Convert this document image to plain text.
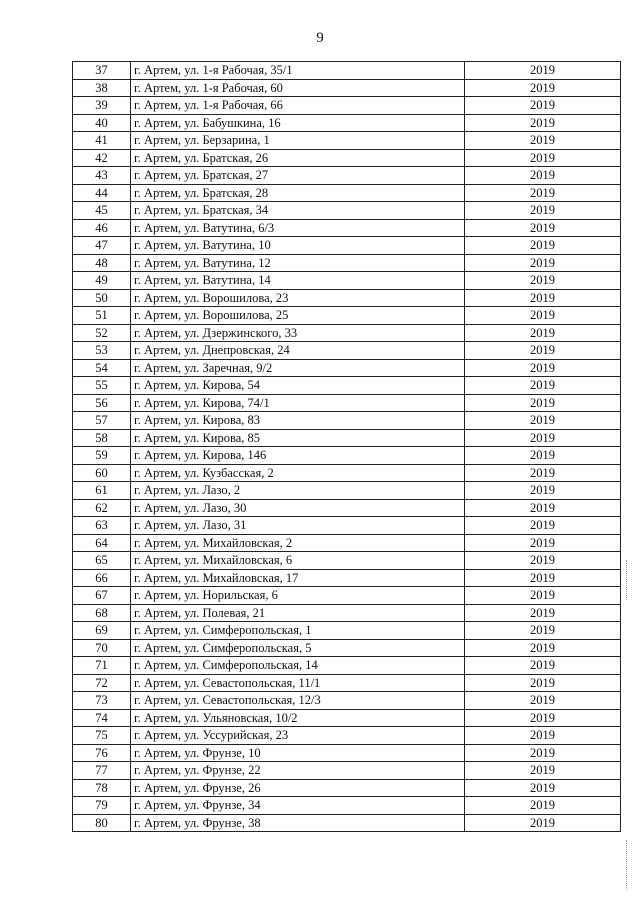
9
37	г. Артем, ул. 1-я Рабочая, 35/1	2019
38	г. Артем, ул. 1-я Рабочая, 60	2019
39	г. Артем, ул. 1-я Рабочая, 66	2019
40	г. Артем, ул. Бабушкина, 16	2019
41	г. Артем, ул. Берзарина, 1	2019
42	г. Артем, ул. Братская, 26	2019
43	г. Артем, ул. Братская, 27	2019
44	г. Артем, ул. Братская, 28	2019
45	г. Артем, ул. Братская, 34	2019
46	г. Артем, ул. Ватутина, 6/3	2019
47	г. Артем, ул. Ватутина, 10	2019
48	г. Артем, ул. Ватутина, 12	2019
49	г. Артем, ул. Ватутина, 14	2019
50	г. Артем, ул. Ворошилова, 23	2019
51	г. Артем, ул. Ворошилова, 25	2019
52	г. Артем, ул. Дзержинского, 33	2019
53	г. Артем, ул. Днепровская, 24	2019
54	г. Артем, ул. Заречная, 9/2	2019
55	г. Артем, ул. Кирова, 54	2019
56	г. Артем, ул. Кирова, 74/1	2019
57	г. Артем, ул. Кирова, 83	2019
58	г. Артем, ул. Кирова, 85	2019
59	г. Артем, ул. Кирова, 146	2019
60	г. Артем, ул. Кузбасская, 2	2019
61	г. Артем, ул. Лазо, 2	2019
62	г. Артем, ул. Лазо, 30	2019
63	г. Артем, ул. Лазо, 31	2019
64	г. Артем, ул. Михайловская, 2	2019
65	г. Артем, ул. Михайловская, 6	2019
66	г. Артем, ул. Михайловская, 17	2019
67	г. Артем, ул. Норильская, 6	2019
68	г. Артем, ул. Полевая, 21	2019
69	г. Артем, ул. Симферопольская, 1	2019
70	г. Артем, ул. Симферопольская, 5	2019
71	г. Артем, ул. Симферопольская, 14	2019
72	г. Артем, ул. Севастопольская, 11/1	2019
73	г. Артем, ул. Севастопольская, 12/3	2019
74	г. Артем, ул. Ульяновская, 10/2	2019
75	г. Артем, ул. Уссурийская, 23	2019
76	г. Артем, ул. Фрунзе, 10	2019
77	г. Артем, ул. Фрунзе, 22	2019
78	г. Артем, ул. Фрунзе, 26	2019
79	г. Артем, ул. Фрунзе, 34	2019
80	г. Артем, ул. Фрунзе, 38	2019
